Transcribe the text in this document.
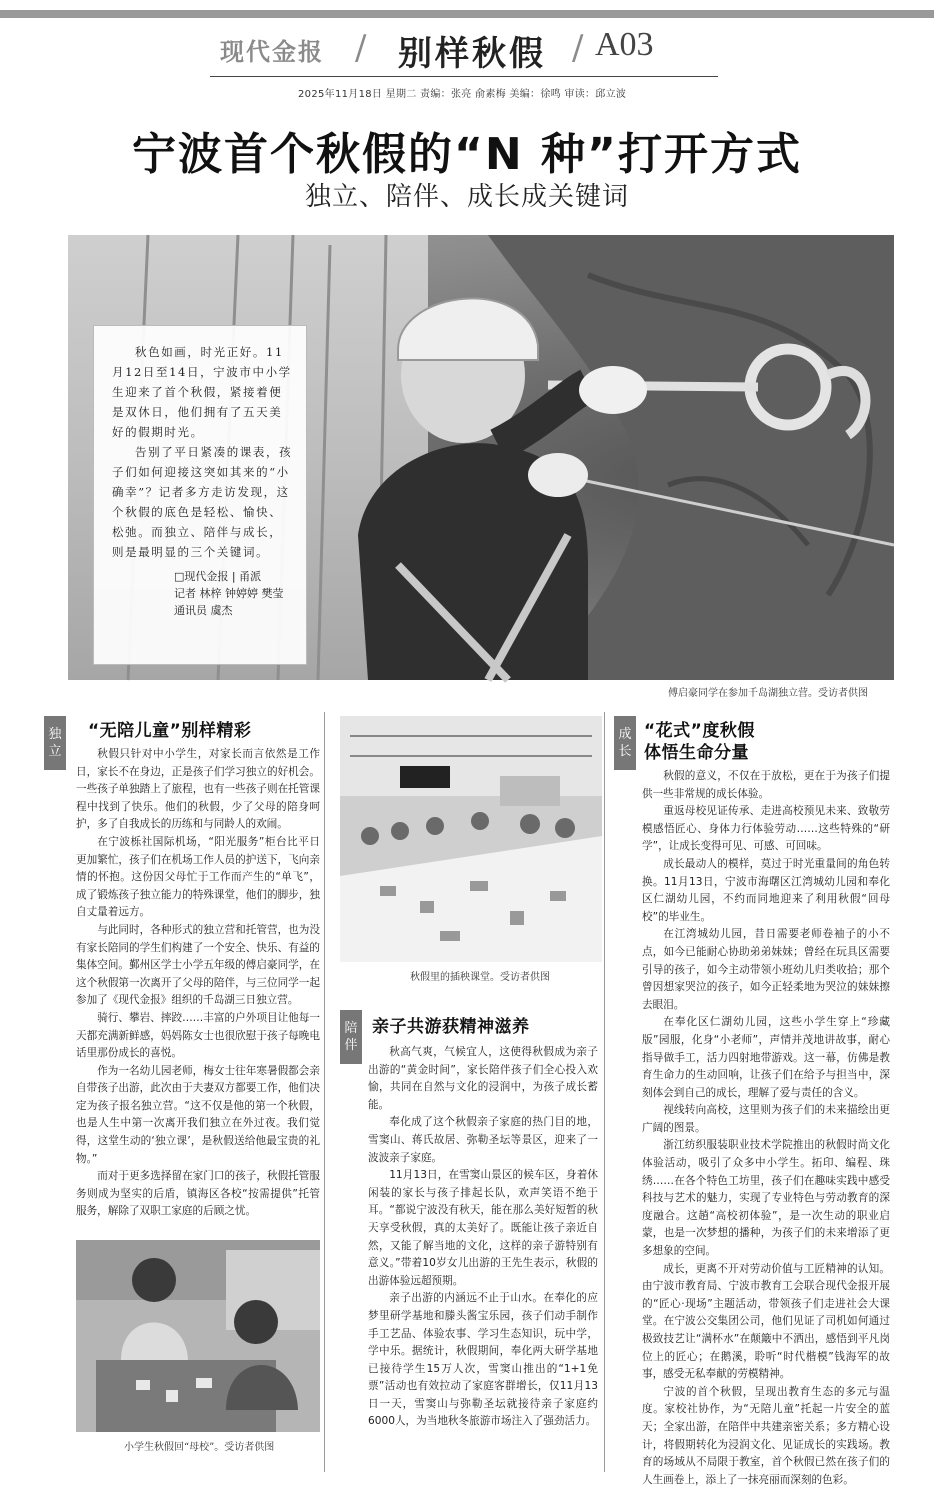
现代金报 / 别样秋假 / A03
2025年11月18日 星期二 责编：张亮 俞素梅 美编：徐鸣 审读：邱立波
宁波首个秋假的“N 种”打开方式
独立、陪伴、成长成关键词

秋色如画，时光正好。11月12日至14日，宁波市中小学生迎来了首个秋假，紧接着便是双休日，他们拥有了五天美好的假期时光。

告别了平日紧凑的课表，孩子们如何迎接这突如其来的“小确幸”？记者多方走访发现，这个秋假的底色是轻松、愉快、松弛。而独立、陪伴与成长，则是最明显的三个关键词。

□现代金报 | 甬派
记者 林梓 钟婷婷 樊莹
通讯员 虞杰
傅启豪同学在参加千岛湖独立营。受访者供图
独立
“无陪儿童”别样精彩

秋假只针对中小学生，对家长而言依然是工作日，家长不在身边，正是孩子们学习独立的好机会。一些孩子单独踏上了旅程，也有一些孩子则在托管课程中找到了快乐。他们的秋假，少了父母的陪身呵护，多了自我成长的历练和与同龄人的欢闹。

在宁波栎社国际机场，“阳光服务”柜台比平日更加繁忙，孩子们在机场工作人员的护送下，飞向亲情的怀抱。这份因父母忙于工作而产生的“单飞”，成了锻炼孩子独立能力的特殊课堂，他们的脚步，独自丈量着远方。

与此同时，各种形式的独立营和托管营，也为没有家长陪同的学生们构建了一个安全、快乐、有益的集体空间。鄞州区学士小学五年级的傅启豪同学，在这个秋假第一次离开了父母的陪伴，与三位同学一起参加了《现代金报》组织的千岛湖三日独立营。

骑行、攀岩、摔跤……丰富的户外项目让他每一天都充满新鲜感，妈妈陈女士也很欣慰于孩子每晚电话里那份成长的喜悦。

作为一名幼儿园老师，梅女士往年寒暑假都会亲自带孩子出游，此次由于夫妻双方都要工作，他们决定为孩子报名独立营。“这不仅是他的第一个秋假，也是人生中第一次离开我们独立在外过夜。我们觉得，这堂生动的‘独立课’，是秋假送给他最宝贵的礼物。”

而对于更多选择留在家门口的孩子，秋假托管服务则成为坚实的后盾，镇海区各校“按需提供”托管服务，解除了双职工家庭的后顾之忧。

小学生秋假回“母校”。受访者供图
秋假里的插秧课堂。受访者供图
陪伴
亲子共游获精神滋养

秋高气爽，气候宜人，这使得秋假成为亲子出游的“黄金时间”，家长陪伴孩子们全心投入欢愉，共同在自然与文化的浸润中，为孩子成长蓄能。

奉化成了这个秋假亲子家庭的热门目的地，雪窦山、蒋氏故居、弥勒圣坛等景区，迎来了一波波亲子家庭。

11月13日，在雪窦山景区的候车区，身着休闲装的家长与孩子排起长队，欢声笑语不绝于耳。“都说宁波没有秋天，能在那么美好短暂的秋天享受秋假，真的太美好了。既能让孩子亲近自然，又能了解当地的文化，这样的亲子游特别有意义。”带着10岁女儿出游的王先生表示，秋假的出游体验远超预期。

亲子出游的内涵远不止于山水。在奉化的应梦里研学基地和滕头酱宝乐园，孩子们动手制作手工艺品、体验农事、学习生态知识，玩中学，学中乐。据统计，秋假期间，奉化两大研学基地已接待学生15万人次，雪窦山推出的“1+1免票”活动也有效拉动了家庭客群增长，仅11月13日一天，雪窦山与弥勒圣坛就接待亲子家庭约6000人，为当地秋冬旅游市场注入了强劲活力。

成长
“花式”度秋假
体悟生命分量

秋假的意义，不仅在于放松，更在于为孩子们提供一些非常规的成长体验。

重返母校见证传承、走进高校预见未来、致敬劳模感悟匠心、身体力行体验劳动……这些特殊的“研学”，让成长变得可见、可感、可回味。

成长最动人的模样，莫过于时光重量间的角色转换。11月13日，宁波市海曙区江湾城幼儿园和奉化区仁湖幼儿园，不约而同地迎来了利用秋假“回母校”的毕业生。

在江湾城幼儿园，昔日需要老师卷袖子的小不点，如今已能耐心协助弟弟妹妹；曾经在玩具区需要引导的孩子，如今主动带领小班幼儿归类收拾；那个曾因想家哭泣的孩子，如今正轻柔地为哭泣的妹妹擦去眼泪。

在奉化区仁湖幼儿园，这些小学生穿上“珍藏版”园服，化身“小老师”，声情并茂地讲故事，耐心指导做手工，活力四射地带游戏。这一幕，仿佛是教育生命力的生动回响，让孩子们在给予与担当中，深刻体会到自己的成长，理解了爱与责任的含义。

视线转向高校，这里则为孩子们的未来描绘出更广阔的图景。

浙江纺织服装职业技术学院推出的秋假时尚文化体验活动，吸引了众多中小学生。拓印、编程、珠绣……在各个特色工坊里，孩子们在趣味实践中感受科技与艺术的魅力，实现了专业特色与劳动教育的深度融合。这趟“高校初体验”，是一次生动的职业启蒙，也是一次梦想的播种，为孩子们的未来增添了更多想象的空间。

成长，更离不开对劳动价值与工匠精神的认知。由宁波市教育局、宁波市教育工会联合现代金报开展的“匠心·现场”主题活动，带领孩子们走进社会大课堂。在宁波公交集团公司，他们见证了司机如何通过极致技艺让“满杯水”在颠簸中不洒出，感悟到平凡岗位上的匠心；在鹅溪，聆听“时代楷模”钱海军的故事，感受无私奉献的劳模精神。

宁波的首个秋假，呈现出教育生态的多元与温度。家校社协作，为“无陪儿童”托起一片安全的蓝天；全家出游，在陪伴中共建亲密关系；多方精心设计，将假期转化为浸润文化、见证成长的实践场。教育的场域从不局限于教室，首个秋假已然在孩子们的人生画卷上，添上了一抹亮丽而深刻的色彩。
